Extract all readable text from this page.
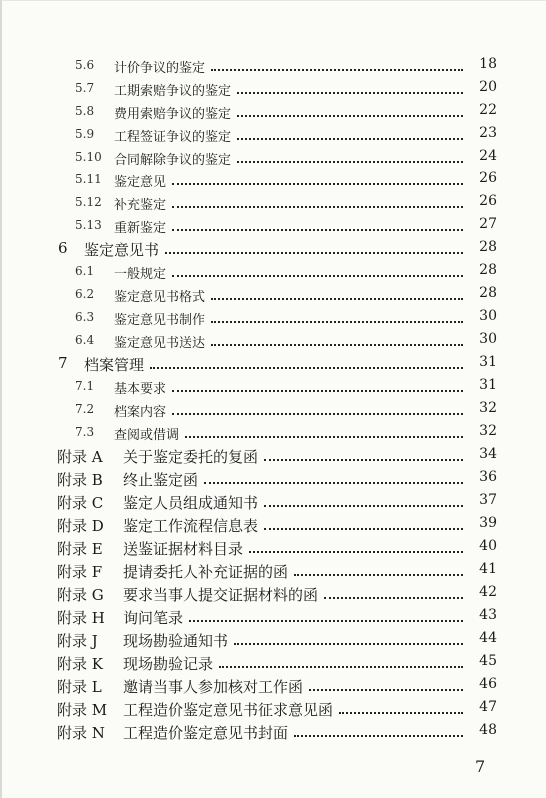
5.6 计价争议的鉴定	18
5.7 工期索赔争议的鉴定	20
5.8 费用索赔争议的鉴定	22
5.9 工程签证争议的鉴定	23
5.10 合同解除争议的鉴定	24
5.11 鉴定意见	26
5.12 补充鉴定	26
5.13 重新鉴定	27
6 鉴定意见书	28
6.1 一般规定	28
6.2 鉴定意见书格式	28
6.3 鉴定意见书制作	30
6.4 鉴定意见书送达	30
7 档案管理	31
7.1 基本要求	31
7.2 档案内容	32
7.3 查阅或借调	32
附录 A 关于鉴定委托的复函	34
附录 B 终止鉴定函	36
附录 C 鉴定人员组成通知书	37
附录 D 鉴定工作流程信息表	39
附录 E 送鉴证据材料目录	40
附录 F 提请委托人补充证据的函	41
附录 G 要求当事人提交证据材料的函	42
附录 H 询问笔录	43
附录 J 现场勘验通知书	44
附录 K 现场勘验记录	45
附录 L 邀请当事人参加核对工作函	46
附录 M 工程造价鉴定意见书征求意见函	47
附录 N 工程造价鉴定意见书封面	48
7
